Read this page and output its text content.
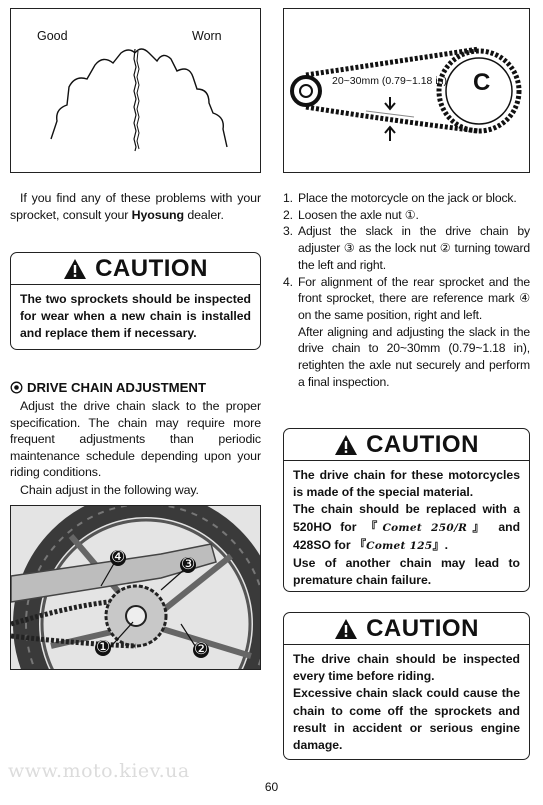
Good	Worn
20~30mm (0.79~1.18 in) C
If you find any of these problems with your sprocket, consult your Hyosung dealer.
CAUTION
The two sprockets should be inspected for wear when a new chain is installed and replace them if necessary.
DRIVE CHAIN ADJUSTMENT
Adjust the drive chain slack to the proper specification. The chain may require more frequent adjustments than periodic maintenance schedule depending upon your riding conditions.
Chain adjust in the following way.
①	②
③
④
1. Place the motorcycle on the jack or block.
2. Loosen the axle nut ①.
3. Adjust the slack in the drive chain by adjuster ③ as the lock nut ② turning toward the left and right.
4. For alignment of the rear sprocket and the front sprocket, there are reference mark ④ on the same position, right and left.
After aligning and adjusting the slack in the drive chain to 20~30mm (0.79~1.18 in), retighten the axle nut securely and perform a final inspection.
CAUTION

The drive chain for these motorcycles is made of the special material.

The chain should be replaced with a 520HO for 『Comet 250/R』 and 428SO for 『Comet 125』.

Use of another chain may lead to premature chain failure.

CAUTION

The drive chain should be inspected every time before riding.

Excessive chain slack could cause the chain to come off the sprockets and result in accident or serious engine damage.

www.moto.kiev.ua
60
